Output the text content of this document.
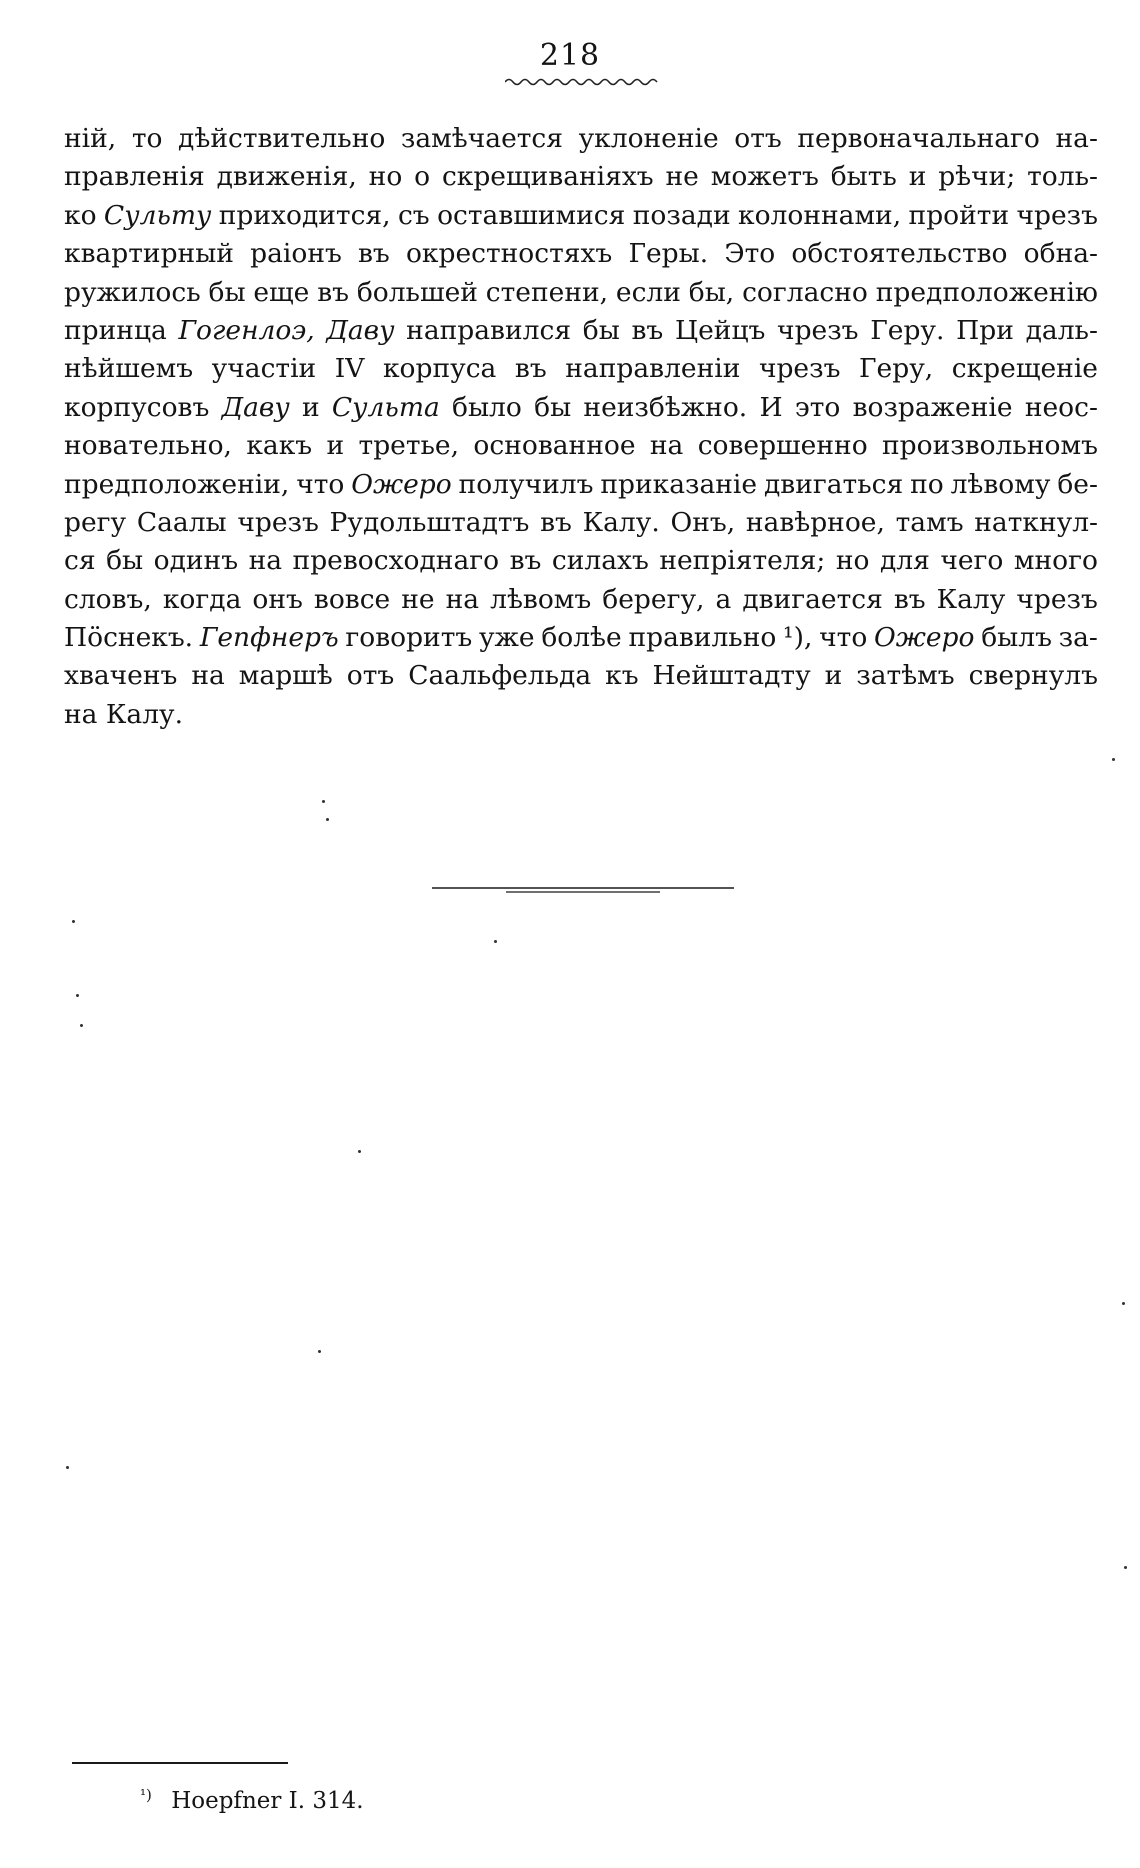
218
ній, то дѣйствительно замѣчается уклоненіе отъ первоначальнаго на-
правленія движенія, но о скрещиваніяхъ не можетъ быть и рѣчи; толь-
ко Сульту приходится, съ оставшимися позади колоннами, пройти чрезъ
квартирный раіонъ въ окрестностяхъ Геры. Это обстоятельство обна-
ружилось бы еще въ большей степени, если бы, согласно предположенію
принца Гогенлоэ, Даву направился бы въ Цейцъ чрезъ Геру. При даль-
нѣйшемъ участіи IV корпуса въ направленіи чрезъ Геру, скрещеніе
корпусовъ Даву и Сульта было бы неизбѣжно. И это возраженіе неос-
новательно, какъ и третье, основанное на совершенно произвольномъ
предположеніи, что Ожеро получилъ приказаніе двигаться по лѣвому бе-
регу Саалы чрезъ Рудольштадтъ въ Калу. Онъ, навѣрное, тамъ наткнул-
ся бы одинъ на превосходнаго въ силахъ непріятеля; но для чего много
словъ, когда онъ вовсе не на лѣвомъ берегу, а двигается въ Калу чрезъ
Пӧснекъ. Гепфнеръ говоритъ уже болѣе правильно ¹), что Ожеро былъ за-
хваченъ на маршѣ отъ Саальфельда къ Нейштадту и затѣмъ свернулъ
на Калу.
$^{^1)}$ Hoepfner I. 314.
